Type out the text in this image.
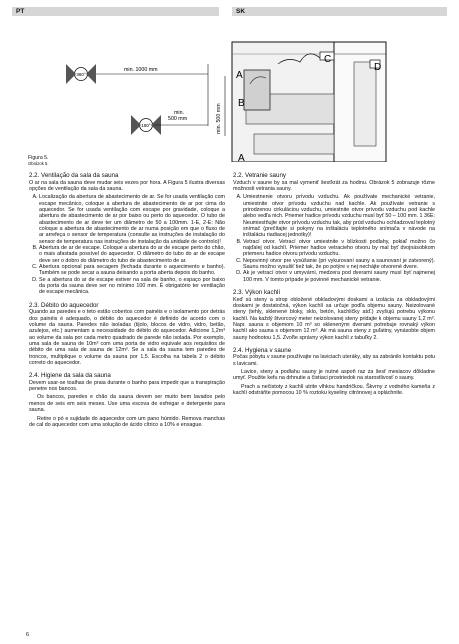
PT	SK
360°
min. 1000 mm
180°
min.
500 mm	min. 500 mm
A
B
C
D
A
Figura 5.
Obrázok 5.
2.2. Ventilação da sala da sauna

O ar na sala da sauna deve mudar seis vezes por hora. A Figura 5 ilustra diversas opções de ventilação da sala da sauna.

A. Localização da abertura de abastecimento de ar. Se for usada ventilação com escape mecânico, coloque a abertura de abastecimento de ar por cima do aquecedor. Se for usada ventilação com escape por gravidade, coloque a abertura de abastecimento de ar por baixo ou perto do aquecedor. O tubo de abastecimento de ar deve ter um diâmetro de 50 a 100mm. 1-E, 2-E: Não coloque a abertura de abastecimento de ar numa posição em que o fluxo de ar arrefeça o sensor de temperatura (consulte as instruções de instalação do sensor de temperatura nas instruções de instalação da unidade de controlo)!
B. Abertura de ar de escape. Coloque a abertura do ar de escape perto do chão, o mais afastada possível do aquecedor. O diâmetro do tubo do ar de escape deve ser o dobro do diâmetro do tubo de abastecimento de ar.
C. Abertura opcional para secagem (fechada durante o aquecimento e banho). Também se pode secar a sauna deixando a porta aberta depois do banho.
D. Se a abertura do ar de escape estiver na sala de banho, o espaço por baixo da porta da sauna deve ser no mínimo 100 mm. É obrigatório ter ventilação de escape mecânica.
2.3. Débito do aquecedor

Quando as paredes e o teto estão cobertos com painéis e o isolamento por detrás dos painéis é adequado, o débito do aquecedor é definido de acordo com o volume da sauna. Paredes não isoladas (tijolo, blocos de vidro, vidro, betão, azulejos, etc.) aumentam a necessidade do débito do aquecedor. Adicione 1,2m³ ao volume da sala por cada metro quadrado de parede não isolada. Por exemplo, uma sala de sauna de 10m³ com uma porta de vidro equivale aos requisitos de débito de uma sala de sauna de 12m³. Se a sala da sauna tem paredes de troncos, multiplique o volume da sauna por 1,5. Escolha na tabela 2 o débito correto do aquecedor.

2.4. Higiene da sala da sauna

Devem usar-se toalhas de praia durante o banho para impedir que a transpiração penetre nos bancos.

Os bancos, paredes e chão da sauna devem ser muito bem lavados pelo menos de seis em seis meses. Use uma escova de esfregar e detergente para sauna.

Retire o pó e sujidade do aquecedor com um pano húmido. Remova manchas de cal do aquecedor com uma solução de ácido cítrico a 10% e enxague.

2.2. Vetranie sauny

Vzduch v saune by sa mal vymeniť šesťkrát za hodinu. Obrázok 5 zobrazuje rôzne možnosti vetrania sauny.

A. Umiestnenie otvoru prívodu vzduchu. Ak používate mechanické vetranie, umiestnite otvor prívodu vzduchu nad kachle. Ak používate vetranie s prirodzenou cirkuláciou vzduchu, umiestnite otvor prívodu vzduchu pod kachle alebo vedľa nich. Priemer hadice prívodu vzduchu musí byť 50 – 100 mm. 1 36E: Neumiestňujte otvor prívodu vzduchu tak, aby prúd vzduchu ochladzoval teplotný snímač (prečítajte si pokyny na inštaláciu teplotného snímača v návode na inštaláciu riadiacej jednotky)!
B. Vetrací otvor. Vetrací otvor umiestnite v blízkosti podlahy, pokiaľ možno čo najďalej od kachlí. Priemer hadice vetracieho otvoru by mal byť dvojnásobkom priemeru hadice otvoru prívodu vzduchu.
C. Nepovinný otvor pre vysúšanie (pri vykurovaní sauny a saunovaní je zatvorený). Saunu možno vysušiť tiež tak, že po potýre v nej nechájte otvorené dvere.
D. Ak je vetrací otvor v umyvárni, medzera pod dverami sauny musí byť najmenej 100 mm. V tomto prípade je povinné mechanické vetranie.
2.3. Výkon kachlí

Keď sú steny a strop obložené obkladovými doskami a izolácia za obkladovými doskami je dostatočná, výkon kachlí sa určuje podľa objemu sauny. Neizolované steny (tehly, sklenené bloky, sklo, betón, kachličky atď.) zvyšujú potrebu výkonu kachlí. Na každý štvorcový meter neizolovanej steny pridajte k objemu sauny 1,2 m³. Napr. sauna s objemom 10 m³ so sklenenými dverami potrebuje rovnaký výkon kachlí ako sauna s objemom 12 m³. Ak má sauna steny z guľatiny, vynásobte objem sauny hodnotou 1,5. Zvoľte správny výkon kachlí z tabuľky 2.

2.4. Hygiena v saune

Počas pobytu v saune používajte na laviciach uteráky, aby sa zabránilo kontaktu potu s lavicami.

Lavice, steny a podlahu sauny je nutné aspoň raz za šesť mesiacov dôkladne umyť. Použite kefu na drhnutie a čistiaci prostriedok na starostlivosť o sauny.

Prach a nečistoty z kachlí utrite vlhkou handričkou. Škvrny z vodného kameňa z kachlí odstráňte pomocou 10 % roztoku kyseliny citrónovej a opláchnite.

6
